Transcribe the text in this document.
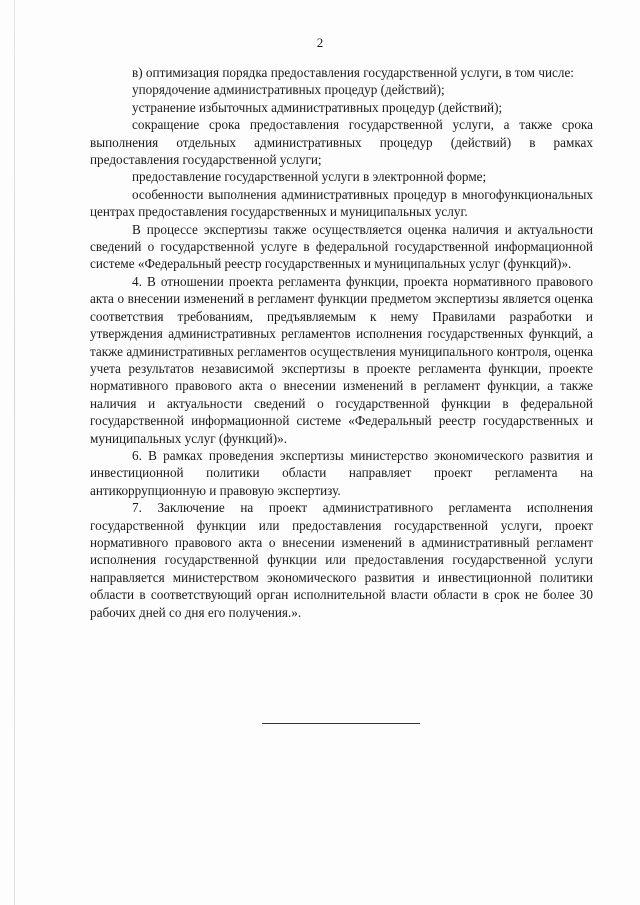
2

в) оптимизация порядка предоставления государственной услуги, в том числе:

упорядочение административных процедур (действий);

устранение избыточных административных процедур (действий);

сокращение срока предоставления государственной услуги, а также срока выполнения отдельных административных процедур (действий) в рамках предоставления государственной услуги;

предоставление государственной услуги в электронной форме;

особенности выполнения административных процедур в многофункциональных центрах предоставления государственных и муниципальных услуг.

В процессе экспертизы также осуществляется оценка наличия и актуальности сведений о государственной услуге в федеральной государственной информационной системе «Федеральный реестр государственных и муниципальных услуг (функций)».

4. В отношении проекта регламента функции, проекта нормативного правового акта о внесении изменений в регламент функции предметом экспертизы является оценка соответствия требованиям, предъявляемым к нему Правилами разработки и утверждения административных регламентов исполнения государственных функций, а также административных регламентов осуществления муниципального контроля, оценка учета результатов независимой экспертизы в проекте регламента функции, проекте нормативного правового акта о внесении изменений в регламент функции, а также наличия и актуальности сведений о государственной функции в федеральной государственной информационной системе «Федеральный реестр государственных и муниципальных услуг (функций)».

6. В рамках проведения экспертизы министерство экономического развития и инвестиционной политики области направляет проект регламента на антикоррупционную и правовую экспертизу.

7. Заключение на проект административного регламента исполнения государственной функции или предоставления государственной услуги, проект нормативного правового акта о внесении изменений в административный регламент исполнения государственной функции или предоставления государственной услуги направляется министерством экономического развития и инвестиционной политики области в соответствующий орган исполнительной власти области в срок не более 30 рабочих дней со дня его получения.».
